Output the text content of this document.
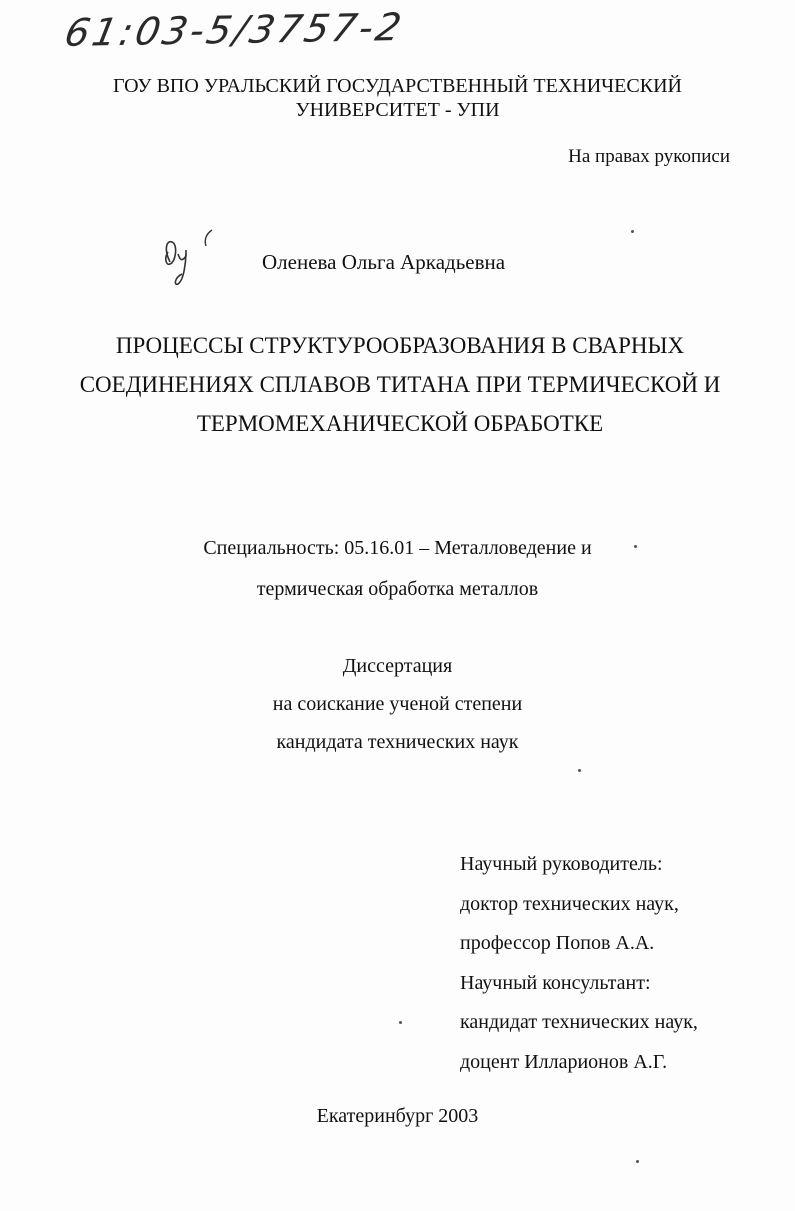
61:03-5/3757-2
ГОУ ВПО УРАЛЬСКИЙ ГОСУДАРСТВЕННЫЙ ТЕХНИЧЕСКИЙ
УНИВЕРСИТЕТ - УПИ
На правах рукописи
Оленева Ольга Аркадьевна
ПРОЦЕССЫ СТРУКТУРООБРАЗОВАНИЯ В СВАРНЫХ
СОЕДИНЕНИЯХ СПЛАВОВ ТИТАНА ПРИ ТЕРМИЧЕСКОЙ И
ТЕРМОМЕХАНИЧЕСКОЙ ОБРАБОТКЕ
Специальность: 05.16.01 – Металловедение и
термическая обработка металлов
Диссертация
на соискание ученой степени
кандидата технических наук
Научный руководитель:
доктор технических наук,
профессор Попов А.А.
Научный консультант:
кандидат технических наук,
доцент Илларионов А.Г.
Екатеринбург 2003
